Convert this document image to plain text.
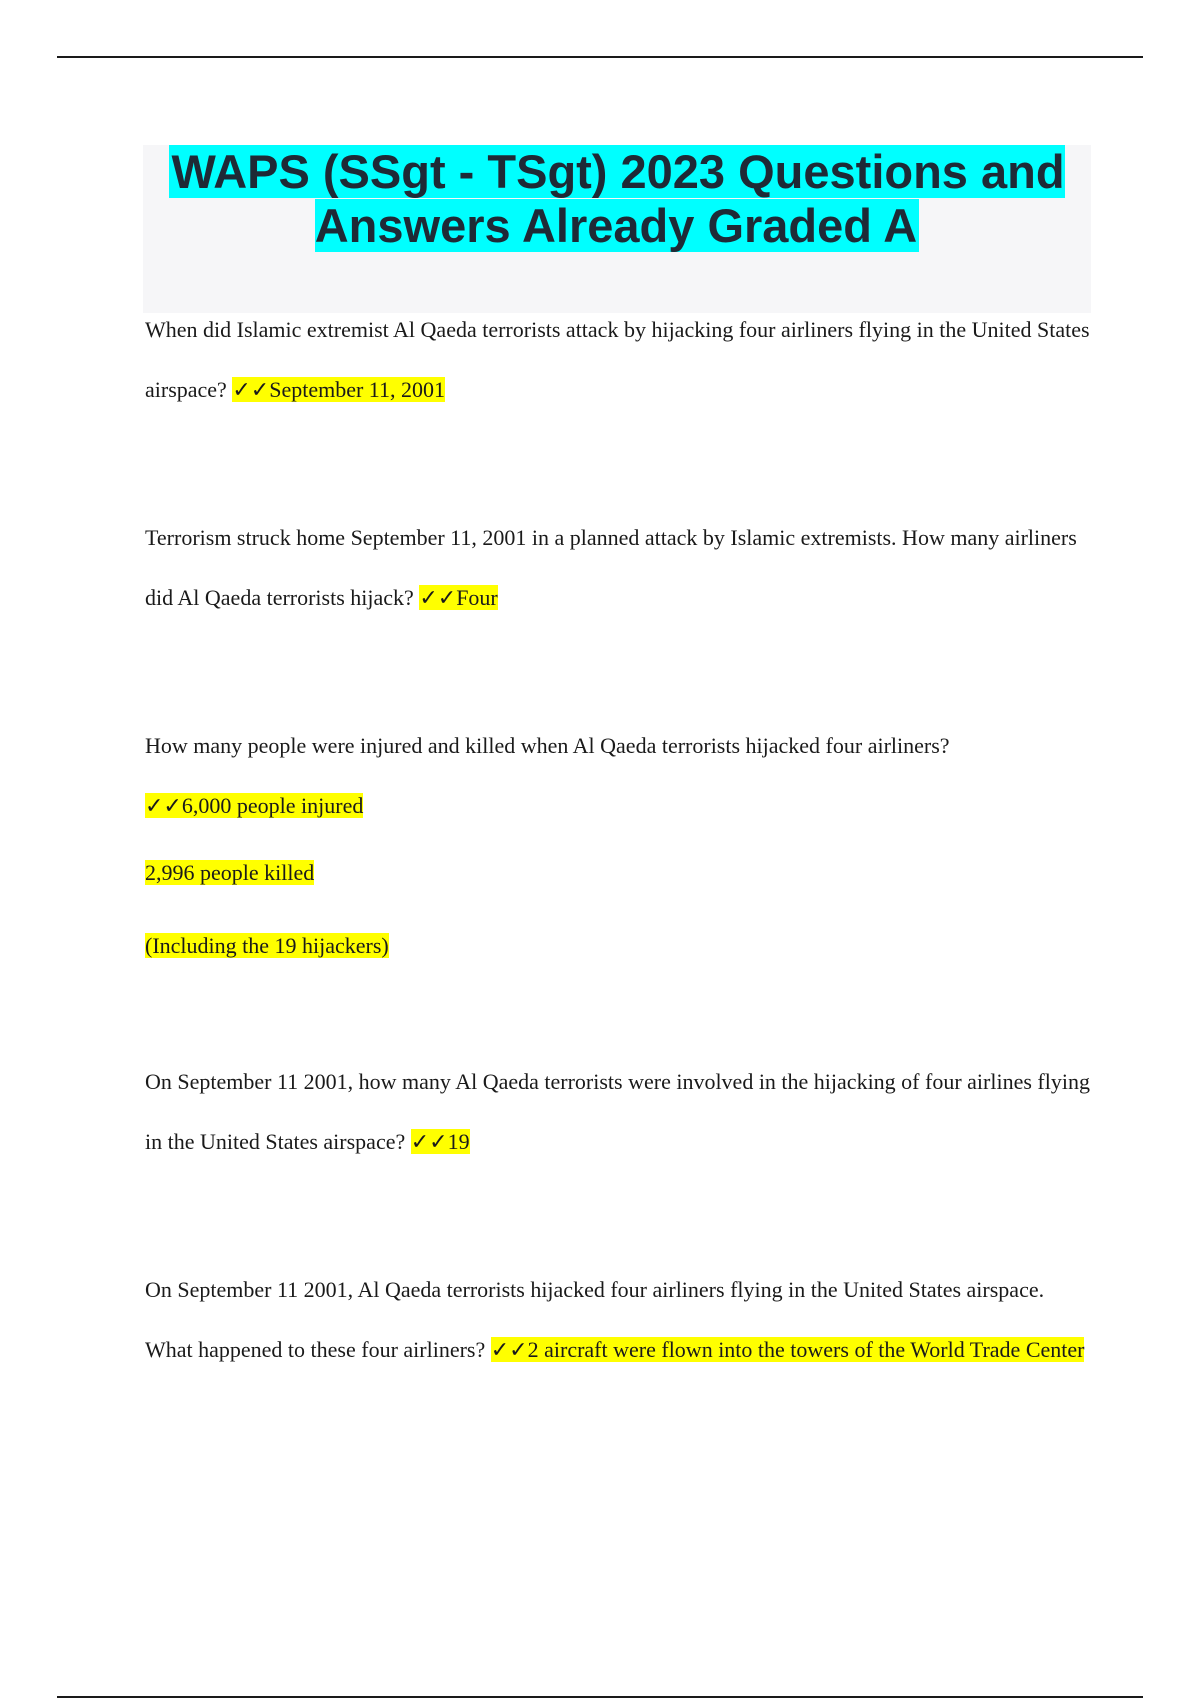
WAPS (SSgt - TSgt) 2023 Questions and Answers Already Graded A

When did Islamic extremist Al Qaeda terrorists attack by hijacking four airliners flying in the United States airspace? ✓✓September 11, 2001

Terrorism struck home September 11, 2001 in a planned attack by Islamic extremists. How many airliners did Al Qaeda terrorists hijack? ✓✓Four

How many people were injured and killed when Al Qaeda terrorists hijacked four airliners?

✓✓6,000 people injured

2,996 people killed

(Including the 19 hijackers)

On September 11 2001, how many Al Qaeda terrorists were involved in the hijacking of four airlines flying in the United States airspace? ✓✓19

On September 11 2001, Al Qaeda terrorists hijacked four airliners flying in the United States airspace. What happened to these four airliners? ✓✓2 aircraft were flown into the towers of the World Trade Center
